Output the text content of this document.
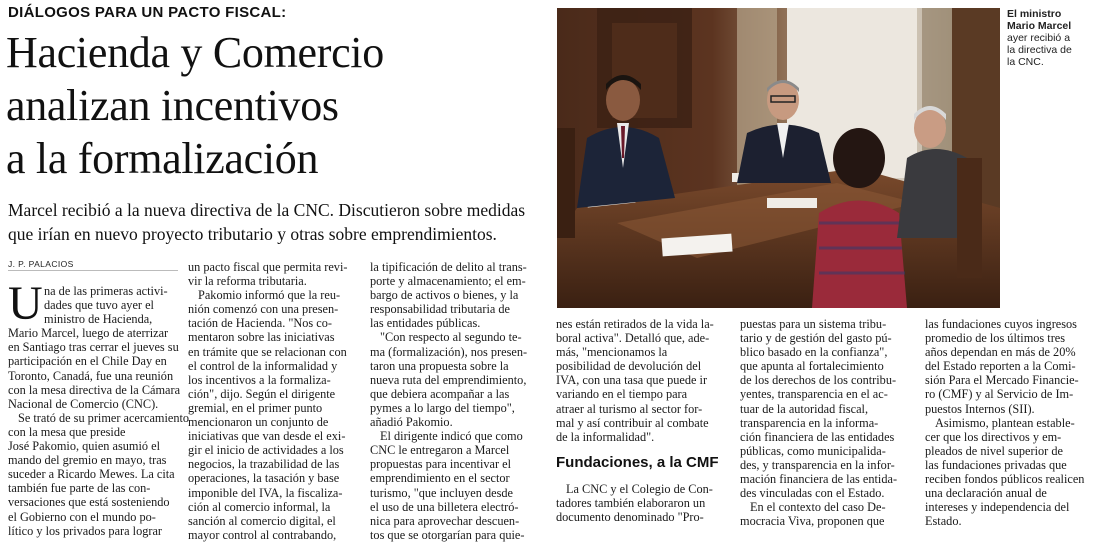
DIÁLOGOS PARA UN PACTO FISCAL:
Hacienda y Comercio
analizan incentivos
a la formalización
Marcel recibió a la nueva directiva de la CNC. Discutieron sobre medidas
que irían en nuevo proyecto tributario y otras sobre emprendimientos.
J. P. PALACIOS
El ministro
Mario Marcel
ayer recibió a
la directiva de
la CNC.
U na de las primeras activi-
dades que tuvo ayer el
ministro de Hacienda,
Mario Marcel, luego de aterrizar
en Santiago tras cerrar el jueves su
participación en el Chile Day en
Toronto, Canadá, fue una reunión
con la mesa directiva de la Cámara
Nacional de Comercio (CNC).
Se trató de su primer acercamiento
con la mesa que preside
José Pakomio, quien asumió el
mando del gremio en mayo, tras
suceder a Ricardo Mewes. La cita
también fue parte de las con-
versaciones que está sosteniendo
el Gobierno con el mundo po-
lítico y los privados para lograr
un pacto fiscal que permita revi-
vir la reforma tributaria.
Pakomio informó que la reu-
nión comenzó con una presen-
tación de Hacienda. "Nos co-
mentaron sobre las iniciativas
en trámite que se relacionan con
el control de la informalidad y
los incentivos a la formaliza-
ción", dijo. Según el dirigente
gremial, en el primer punto
mencionaron un conjunto de
iniciativas que van desde el exi-
gir el inicio de actividades a los
negocios, la trazabilidad de las
operaciones, la tasación y base
imponible del IVA, la fiscaliza-
ción al comercio informal, la
sanción al comercio digital, el
mayor control al contrabando,
la tipificación de delito al trans-
porte y almacenamiento; el em-
bargo de activos o bienes, y la
responsabilidad tributaria de
las entidades públicas.
"Con respecto al segundo te-
ma (formalización), nos presen-
taron una propuesta sobre la
nueva ruta del emprendimiento,
que debiera acompañar a las
pymes a lo largo del tiempo",
añadió Pakomio.
El dirigente indicó que como
CNC le entregaron a Marcel
propuestas para incentivar el
emprendimiento en el sector
turismo, "que incluyen desde
el uso de una billetera electró-
nica para aprovechar descuen-
tos que se otorgarían para quie-
nes están retirados de la vida la-
boral activa". Detalló que, ade-
más, "mencionamos la
posibilidad de devolución del
IVA, con una tasa que puede ir
variando en el tiempo para
atraer al turismo al sector for-
mal y así contribuir al combate
de la informalidad".
Fundaciones, a la CMF
La CNC y el Colegio de Con-
tadores también elaboraron un
documento denominado "Pro-
puestas para un sistema tribu-
tario y de gestión del gasto pú-
blico basado en la confianza",
que apunta al fortalecimiento
de los derechos de los contribu-
yentes, transparencia en el ac-
tuar de la autoridad fiscal,
transparencia en la informa-
ción financiera de las entidades
públicas, como municipalida-
des, y transparencia en la infor-
mación financiera de las entida-
des vinculadas con el Estado.
En el contexto del caso De-
mocracia Viva, proponen que
las fundaciones cuyos ingresos
promedio de los últimos tres
años dependan en más de 20%
del Estado reporten a la Comi-
sión Para el Mercado Financie-
ro (CMF) y al Servicio de Im-
puestos Internos (SII).
Asimismo, plantean estable-
cer que los directivos y em-
pleados de nivel superior de
las fundaciones privadas que
reciben fondos públicos realicen
una declaración anual de
intereses y independencia del
Estado.
